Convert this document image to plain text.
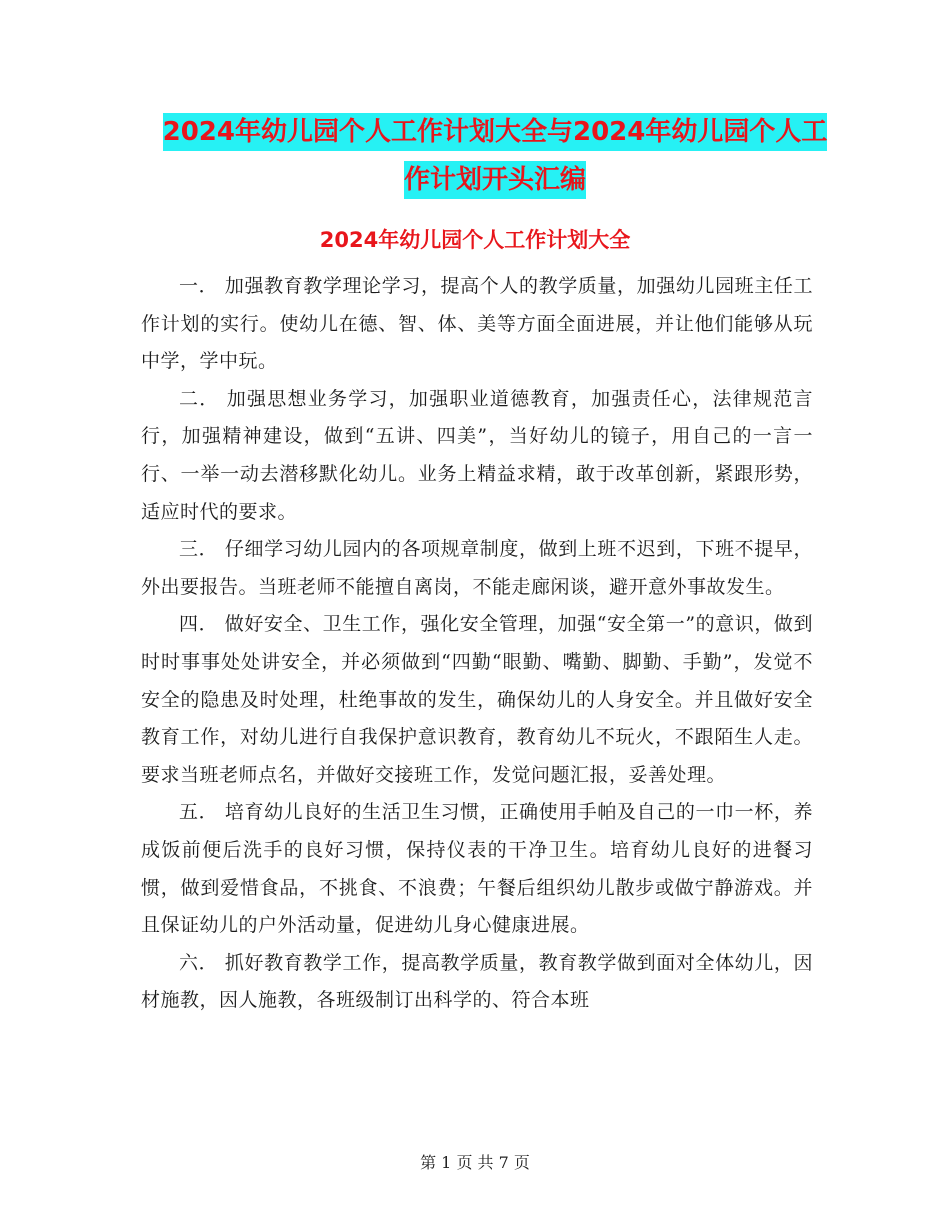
2024年幼儿园个人工作计划大全与2024年幼儿园个人工作计划开头汇编
2024年幼儿园个人工作计划大全

一． 加强教育教学理论学习，提高个人的教学质量，加强幼儿园班主任工作计划的实行。使幼儿在德、智、体、美等方面全面进展，并让他们能够从玩中学，学中玩。

二． 加强思想业务学习，加强职业道德教育，加强责任心，法律规范言行，加强精神建设，做到“五讲、四美”，当好幼儿的镜子，用自己的一言一行、一举一动去潜移默化幼儿。业务上精益求精，敢于改革创新，紧跟形势，适应时代的要求。

三． 仔细学习幼儿园内的各项规章制度，做到上班不迟到，下班不提早，外出要报告。当班老师不能擅自离岗，不能走廊闲谈，避开意外事故发生。

四． 做好安全、卫生工作，强化安全管理，加强“安全第一”的意识，做到时时事事处处讲安全，并必须做到“四勤“眼勤、嘴勤、脚勤、手勤”，发觉不安全的隐患及时处理，杜绝事故的发生，确保幼儿的人身安全。并且做好安全教育工作，对幼儿进行自我保护意识教育，教育幼儿不玩火，不跟陌生人走。要求当班老师点名，并做好交接班工作，发觉问题汇报，妥善处理。

五． 培育幼儿良好的生活卫生习惯，正确使用手帕及自己的一巾一杯，养成饭前便后洗手的良好习惯，保持仪表的干净卫生。培育幼儿良好的进餐习惯，做到爱惜食品，不挑食、不浪费；午餐后组织幼儿散步或做宁静游戏。并且保证幼儿的户外活动量，促进幼儿身心健康进展。

六． 抓好教育教学工作，提高教学质量，教育教学做到面对全体幼儿，因材施教，因人施教，各班级制订出科学的、符合本班

第 1 页 共 7 页
